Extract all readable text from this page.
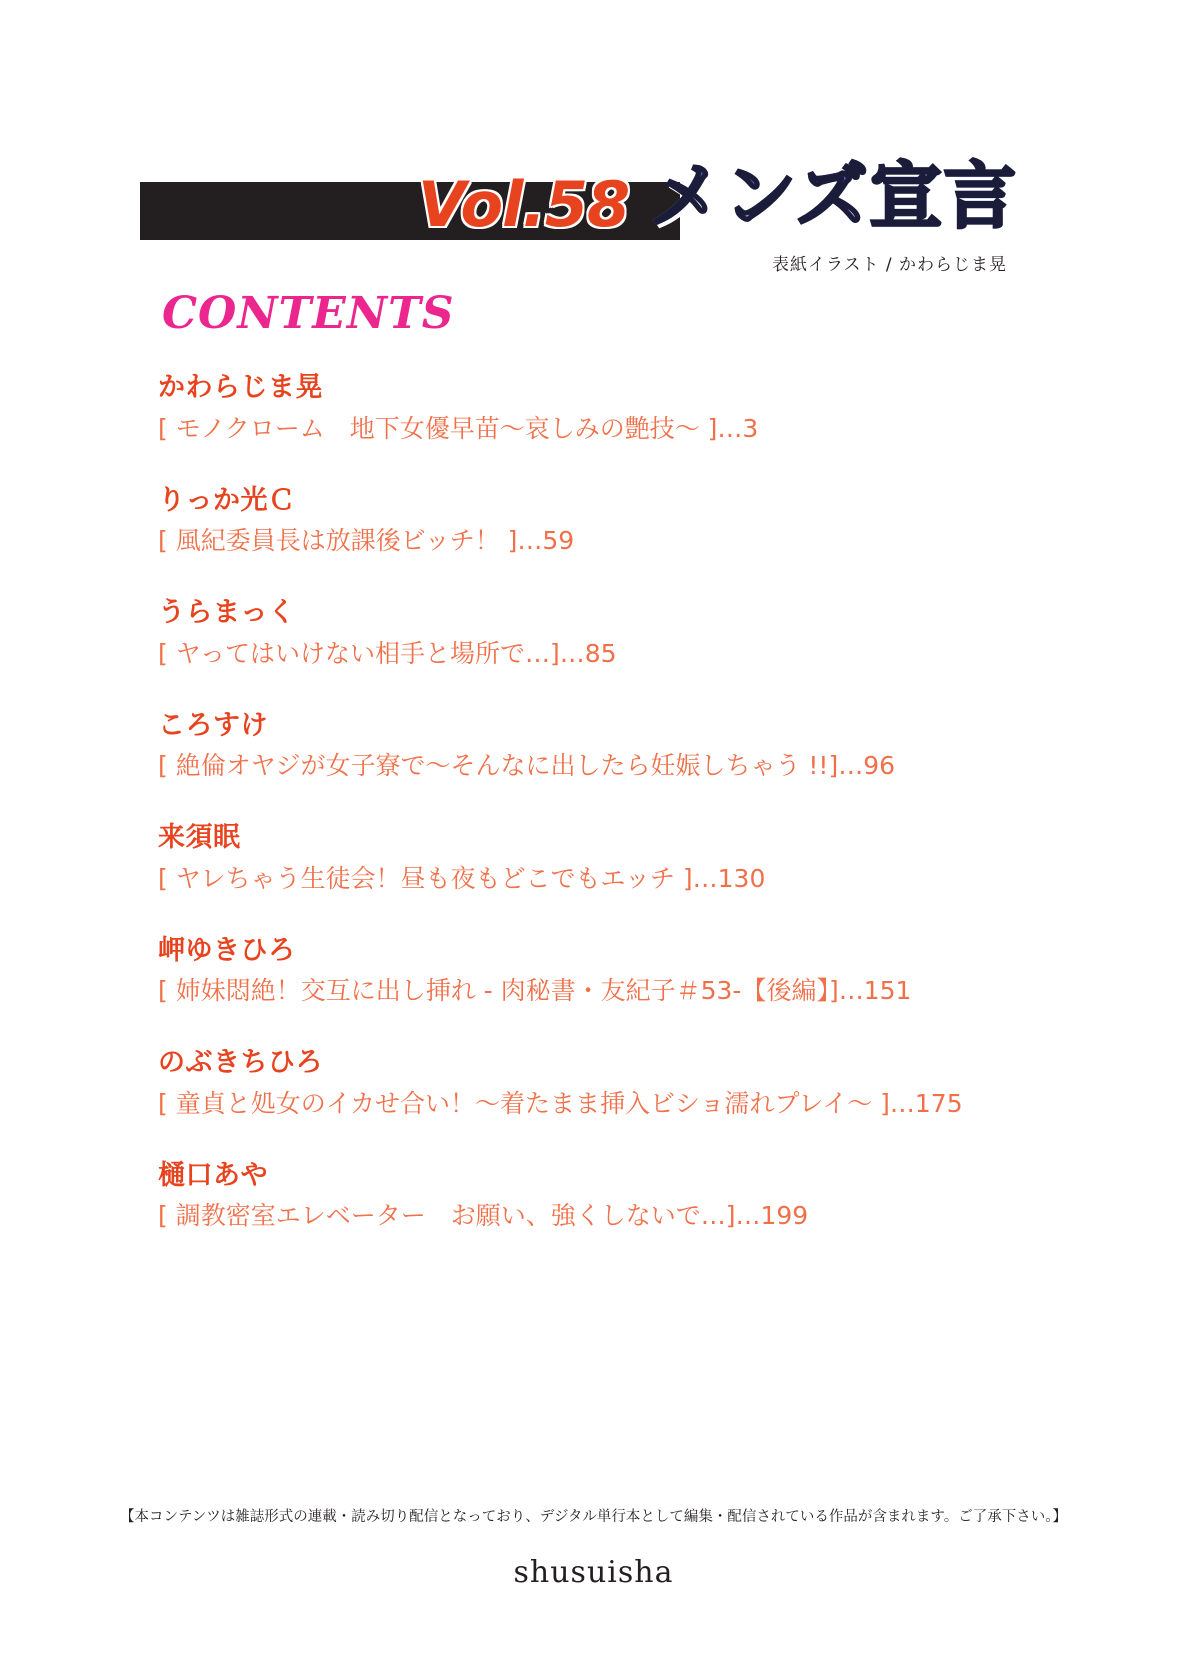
Vol.58 メンズ宣言
表紙イラスト / かわらじま晃
CONTENTS
かわらじま晃
[ モノクローム　地下女優早苗〜哀しみの艶技〜 ]…3
りっか光Ｃ
[ 風紀委員長は放課後ビッチ！ ]…59
うらまっく
[ ヤってはいけない相手と場所で…]…85
ころすけ
[ 絶倫オヤジが女子寮で〜そんなに出したら妊娠しちゃう !!]…96
来須眠
[ ヤレちゃう生徒会！昼も夜もどこでもエッチ ]…130
岬ゆきひろ
[ 姉妹悶絶！交互に出し挿れ - 肉秘書・友紀子＃53-【後編】]…151
のぶきちひろ
[ 童貞と処女のイカせ合い！〜着たまま挿入ビショ濡れプレイ〜 ]…175
樋口あや
[ 調教密室エレベーター　お願い、強くしないで…]…199
【本コンテンツは雑誌形式の連載・読み切り配信となっており、デジタル単行本として編集・配信されている作品が含まれます。ご了承下さい。】
shusuisha
